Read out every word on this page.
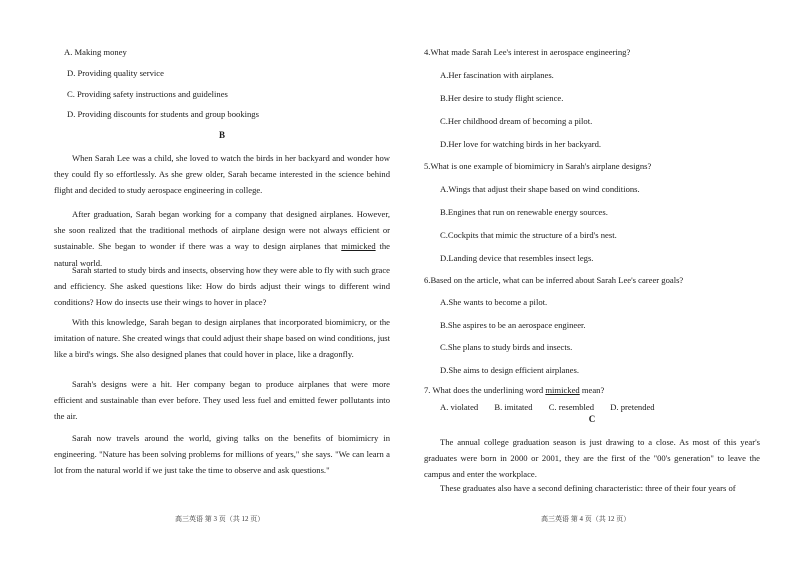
A. Making money
D. Providing quality service
C. Providing safety instructions and guidelines
D. Providing discounts for students and group bookings
B
When Sarah Lee was a child, she loved to watch the birds in her backyard and wonder how they could fly so effortlessly. As she grew older, Sarah became interested in the science behind flight and decided to study aerospace engineering in college.
After graduation, Sarah began working for a company that designed airplanes. However, she soon realized that the traditional methods of airplane design were not always efficient or sustainable. She began to wonder if there was a way to design airplanes that mimicked the natural world.
Sarah started to study birds and insects, observing how they were able to fly with such grace and efficiency. She asked questions like: How do birds adjust their wings to different wind conditions? How do insects use their wings to hover in place?
With this knowledge, Sarah began to design airplanes that incorporated biomimicry, or the imitation of nature. She created wings that could adjust their shape based on wind conditions, just like a bird's wings. She also designed planes that could hover in place, like a dragonfly.
Sarah's designs were a hit. Her company began to produce airplanes that were more efficient and sustainable than ever before. They used less fuel and emitted fewer pollutants into the air.
Sarah now travels around the world, giving talks on the benefits of biomimicry in engineering. "Nature has been solving problems for millions of years," she says. "We can learn a lot from the natural world if we just take the time to observe and ask questions."
高三英语 第 3 页（共 12 页）
4.What made Sarah Lee's interest in aerospace engineering?
A.Her fascination with airplanes.
B.Her desire to study flight science.
C.Her childhood dream of becoming a pilot.
D.Her love for watching birds in her backyard.
5.What is one example of biomimicry in Sarah's airplane designs?
A.Wings that adjust their shape based on wind conditions.
B.Engines that run on renewable energy sources.
C.Cockpits that mimic the structure of a bird's nest.
D.Landing device that resembles insect legs.
6.Based on the article, what can be inferred about Sarah Lee's career goals?
A.She wants to become a pilot.
B.She aspires to be an aerospace engineer.
C.She plans to study birds and insects.
D.She aims to design efficient airplanes.
7. What does the underlining word mimicked mean?
A. violated B. imitated C. resembled D. pretended
C
The annual college graduation season is just drawing to a close. As most of this year's graduates were born in 2000 or 2001, they are the first of the "00's generation" to leave the campus and enter the workplace.
These graduates also have a second defining characteristic: three of their four years of
高三英语 第 4 页（共 12 页）
